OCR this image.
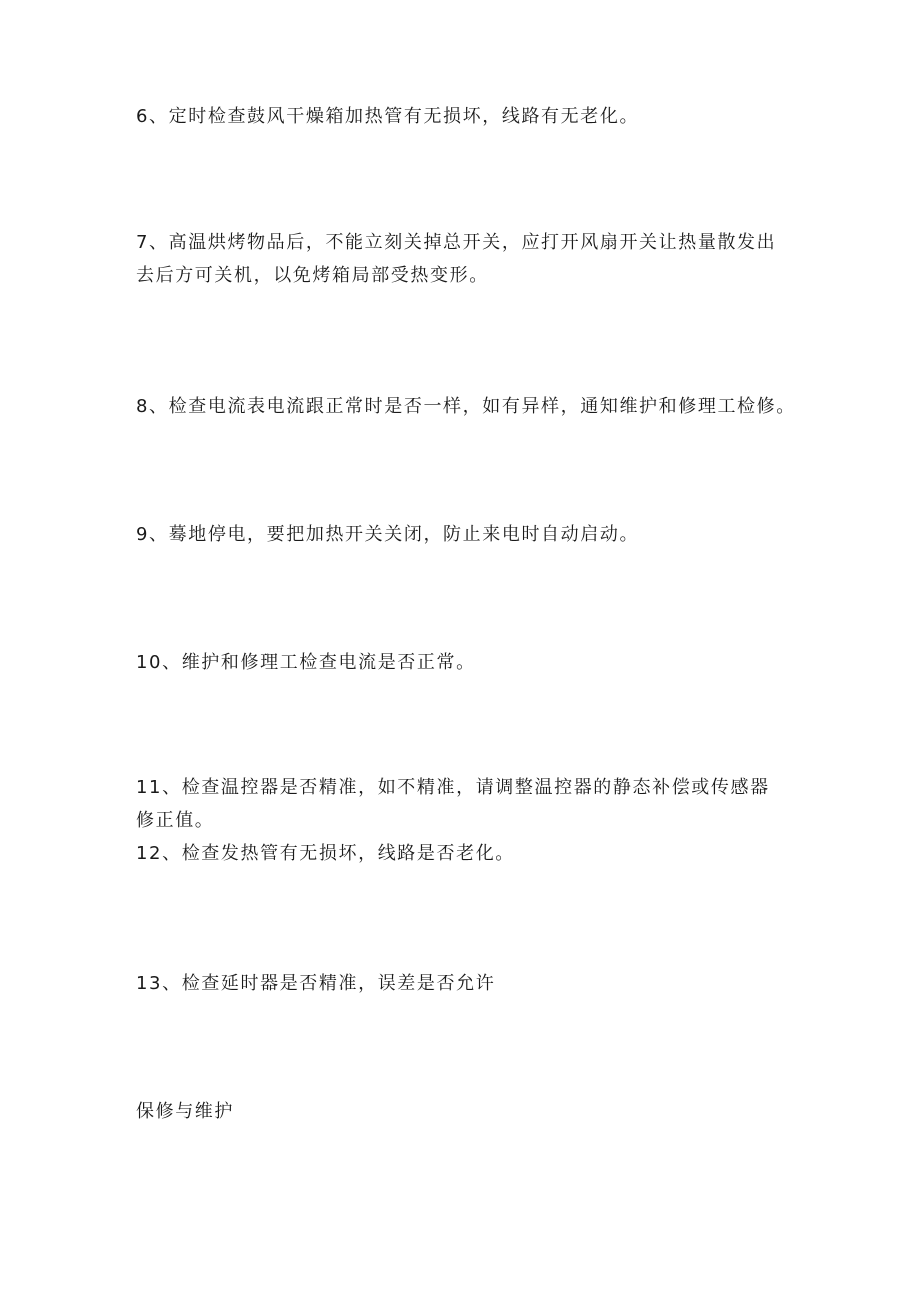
6、定时检查鼓风干燥箱加热管有无损坏，线路有无老化。

7、高温烘烤物品后，不能立刻关掉总开关，应打开风扇开关让热量散发出
去后方可关机，以免烤箱局部受热变形。

8、检查电流表电流跟正常时是否一样，如有异样，通知维护和修理工检修。

9、蓦地停电，要把加热开关关闭，防止来电时自动启动。

10、维护和修理工检查电流是否正常。

11、检查温控器是否精准，如不精准，请调整温控器的静态补偿或传感器
修正值。

12、检查发热管有无损坏，线路是否老化。

13、检查延时器是否精准，误差是否允许

保修与维护
